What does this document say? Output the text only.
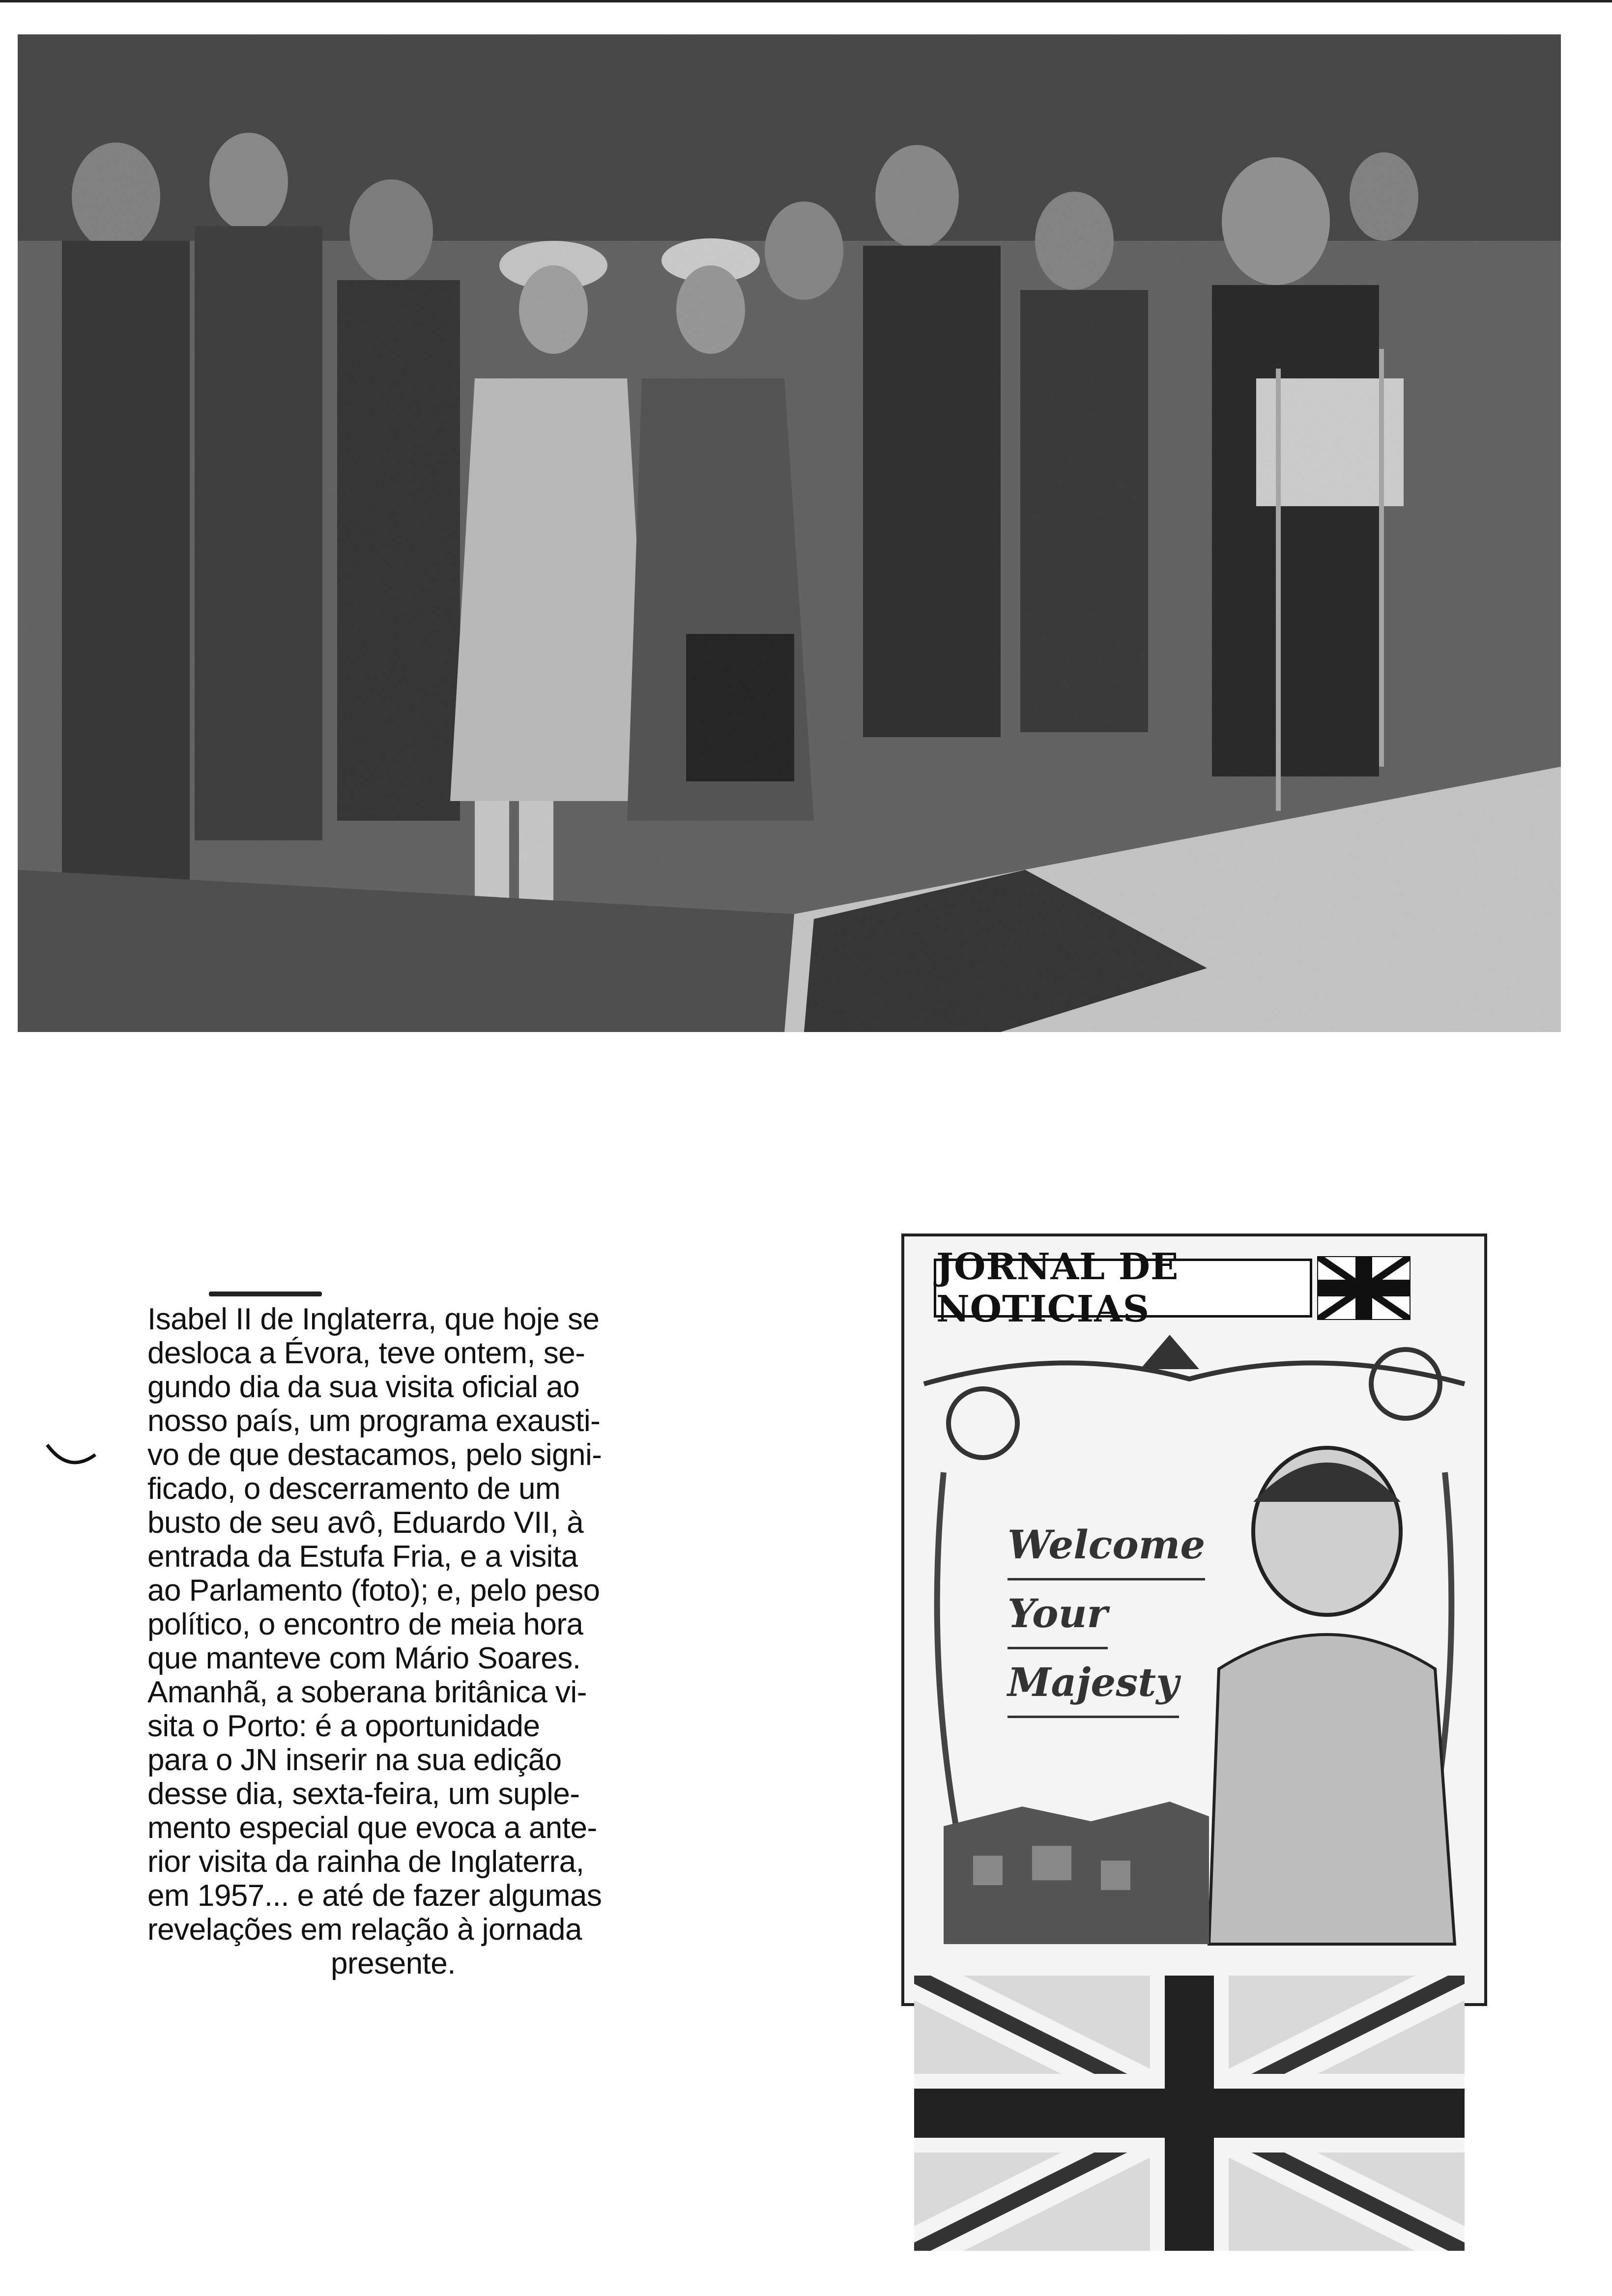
Isabel II de Inglaterra, que hoje se
desloca a Évora, teve ontem, se-
gundo dia da sua visita oficial ao
nosso país, um programa exausti-
vo de que destacamos, pelo signi-
ficado, o descerramento de um
busto de seu avô, Eduardo VII, à
entrada da Estufa Fria, e a visita
ao Parlamento (foto); e, pelo peso
político, o encontro de meia hora
que manteve com Mário Soares.
Amanhã, a soberana britânica vi-
sita o Porto: é a oportunidade
para o JN inserir na sua edição
desse dia, sexta-feira, um suple-
mento especial que evoca a ante-
rior visita da rainha de Inglaterra,
em 1957... e até de fazer algumas
revelações em relação à jornada
presente.
JORNAL DE NOTICIAS
Welcome
Your
Majesty
